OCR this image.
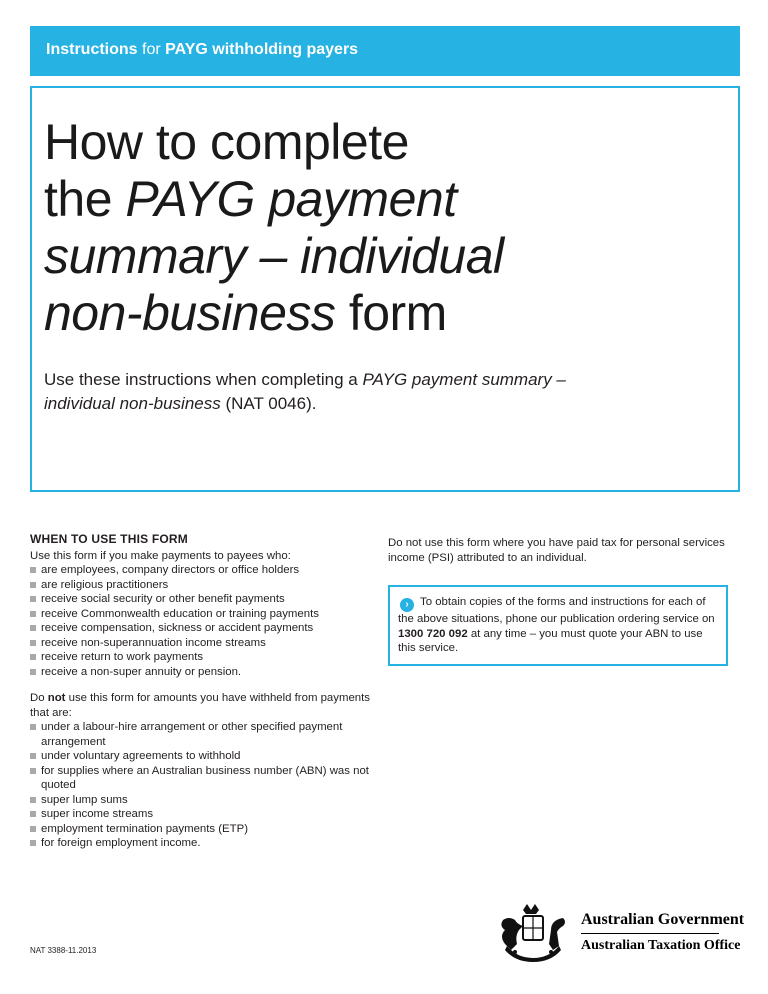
Instructions for PAYG withholding payers
How to complete
the PAYG payment
summary – individual
non-business form

Use these instructions when completing a PAYG payment summary – individual non-business (NAT 0046).

WHEN TO USE THIS FORM

Use this form if you make payments to payees who:

are employees, company directors or office holders
are religious practitioners
receive social security or other benefit payments
receive Commonwealth education or training payments
receive compensation, sickness or accident payments
receive non-superannuation income streams
receive return to work payments
receive a non-super annuity or pension.

Do not use this form for amounts you have withheld from payments that are:

under a labour-hire arrangement or other specified payment arrangement
under voluntary agreements to withhold
for supplies where an Australian business number (ABN) was not quoted
super lump sums
super income streams
employment termination payments (ETP)
for foreign employment income.

Do not use this form where you have paid tax for personal services income (PSI) attributed to an individual.

› To obtain copies of the forms and instructions for each of the above situations, phone our publication ordering service on 1300 720 092 at any time – you must quote your ABN to use this service.
NAT 3388-11.2013
Australian Government
Australian Taxation Office
